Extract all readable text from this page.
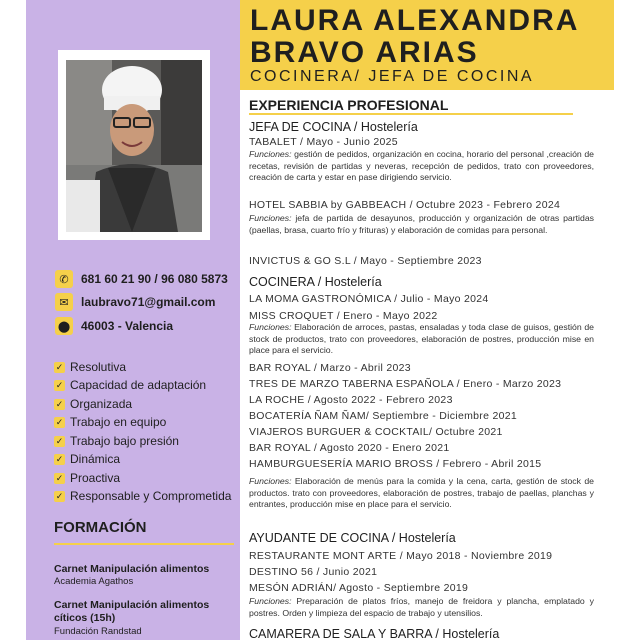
LAURA ALEXANDRA
BRAVO ARIAS
COCINERA/ JEFA DE COCINA
✆	681 60 21 90 / 96 080 5873
✉	laubravo71@gmail.com
⬤ 46003 - Valencia
✓ Resolutiva
✓ Capacidad de adaptación
✓ Organizada
✓ Trabajo en equipo
✓ Trabajo bajo presión
✓ Dinámica
✓ Proactiva
✓ Responsable y Comprometida
FORMACIÓN
Carnet Manipulación alimentos
Academia Agathos
Carnet Manipulación alimentos
cíticos (15h)
Fundación Randstad
EXPERIENCIA PROFESIONAL
JEFA DE COCINA / Hostelería
TABALET / Mayo - Junio 2025
Funciones: gestión de pedidos, organización en cocina, horario del personal ,creación de recetas, revisión de partidas y neveras, recepción de pedidos, trato con proveedores, creación de carta y estar en pase dirigiendo servicio.
HOTEL SABBIA by GABBEACH / Octubre 2023 - Febrero 2024
Funciones: jefa de partida de desayunos, producción y organización de otras partidas (paellas, brasa, cuarto frío y frituras) y elaboración de comidas para personal.
INVICTUS & GO S.L / Mayo - Septiembre 2023
COCINERA / Hostelería
LA MOMA GASTRONÓMICA / Julio - Mayo 2024
MISS CROQUET / Enero - Mayo 2022
Funciones: Elaboración de arroces, pastas, ensaladas y toda clase de guisos, gestión de stock de productos, trato con proveedores, elaboración de postres, producción mise en place para el servicio.
BAR ROYAL / Marzo - Abril 2023
TRES DE MARZO TABERNA ESPAÑOLA / Enero - Marzo 2023
LA ROCHE / Agosto 2022 - Febrero 2023
BOCATERÍA ÑAM ÑAM/ Septiembre - Diciembre 2021
VIAJEROS BURGUER & COCKTAIL/ Octubre 2021
BAR ROYAL / Agosto 2020 - Enero 2021
HAMBURGUESERÍA MARIO BROSS / Febrero - Abril 2015
Funciones: Elaboración de menús para la comida y la cena, carta, gestión de stock de productos. trato con proveedores, elaboración de postres, trabajo de paellas, planchas y entrantes, producción mise en place para el servicio.
AYUDANTE DE COCINA / Hostelería
RESTAURANTE MONT ARTE / Mayo 2018 - Noviembre 2019
DESTINO 56 / Junio 2021
MESÓN ADRIÁN/ Agosto - Septiembre 2019
Funciones: Preparación de platos fríos, manejo de freidora y plancha, emplatado y postres. Orden y limpieza del espacio de trabajo y utensilios.
CAMARERA DE SALA Y BARRA / Hostelería
